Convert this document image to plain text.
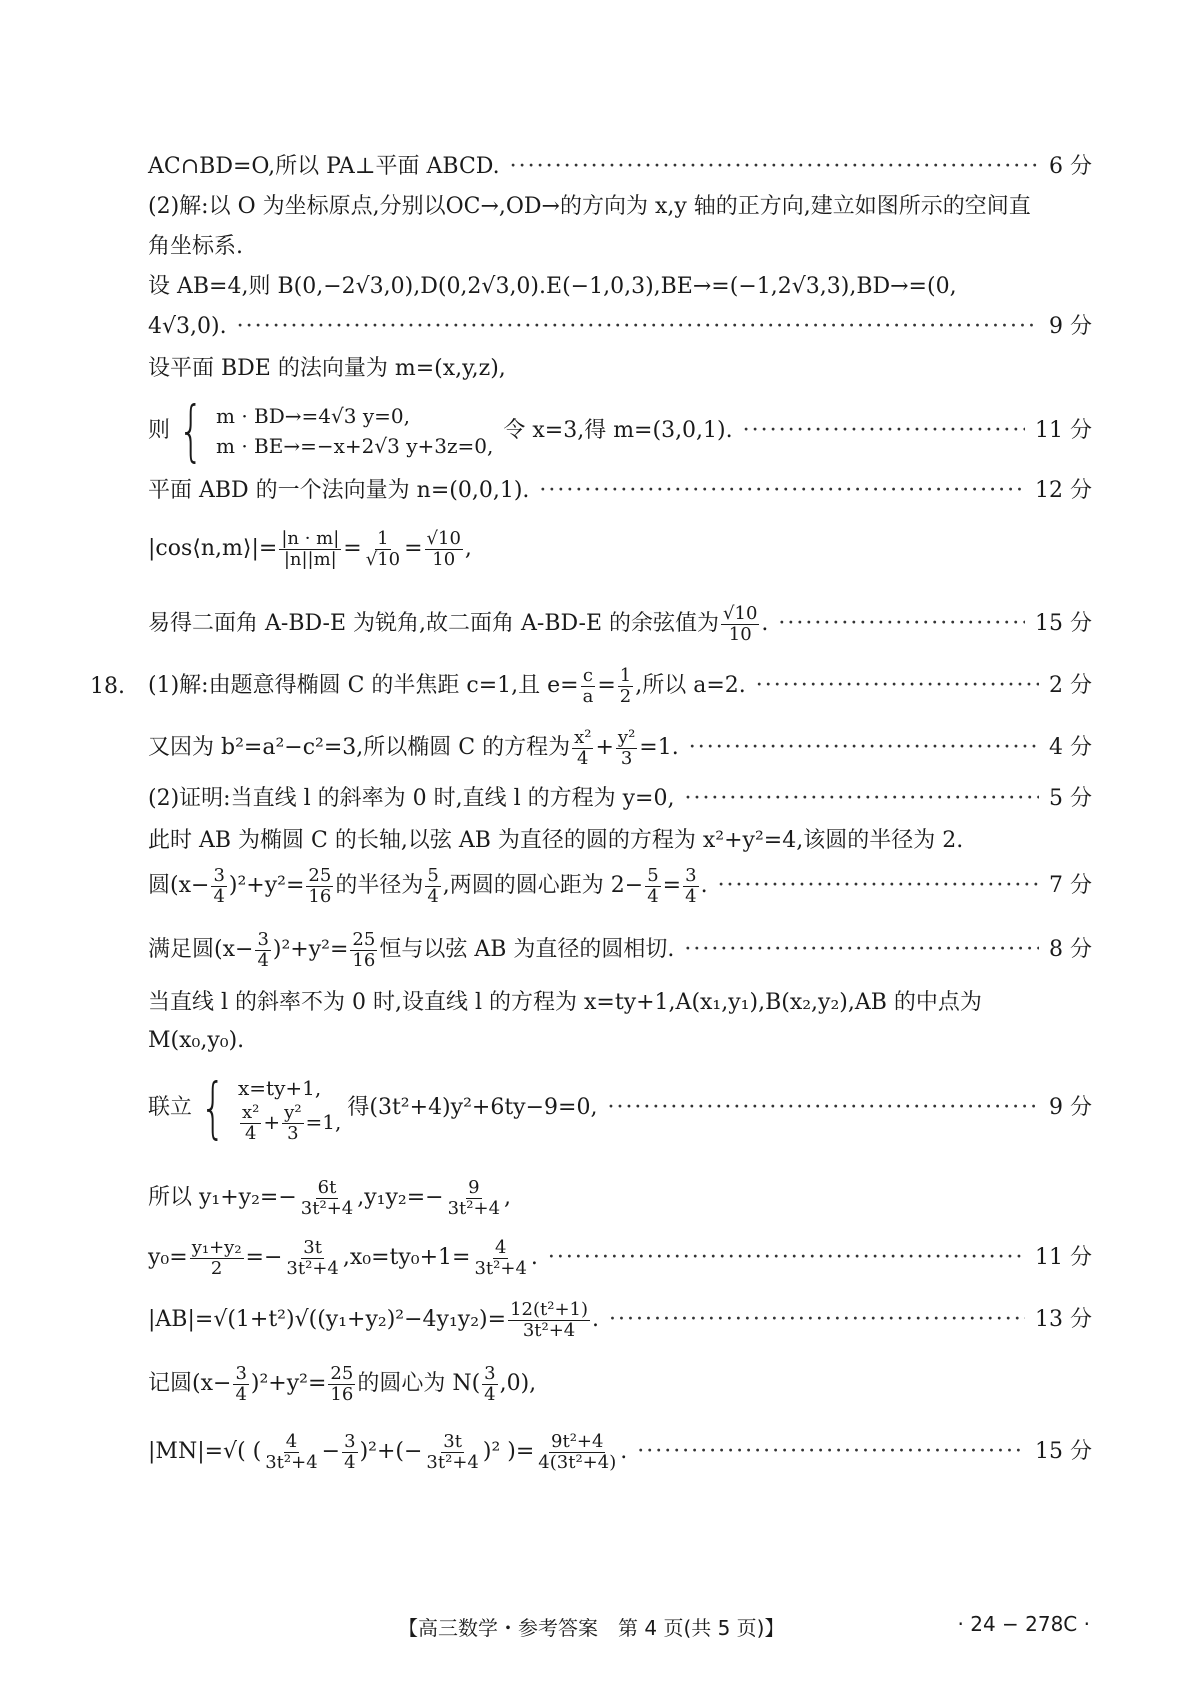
AC∩BD=O,所以 PA⊥平面 ABCD. ·····	6 分
(2)解:以 O 为坐标原点,分别以OC→,OD→的方向为 x,y 轴的正方向,建立如图所示的空间直
角坐标系.
设 AB=4,则 B(0,−2√3,0),D(0,2√3,0).E(−1,0,3),BE→=(−1,2√3,3),BD→=(0,
4√3,0). ·····	9 分
设平面 BDE 的法向量为 m=(x,y,z),
则 { m · BD→=4√3 y=0,
m · BE→=−x+2√3 y+3z=0,
令 x=3,得 m=(3,0,1). ·····	11 分
平面 ABD 的一个法向量为 n=(0,0,1). ·····	12 分
|cos⟨n,m⟩|= $\frac{|n \cdot m|}{|n||m|} = \frac{1}{√10} = \frac{√10}{10}$ ,
易得二面角 A-BD-E 为锐角,故二面角 A-BD-E 的余弦值为 $\frac{√10}{10}$ . ·····	15 分
18. (1)解:由题意得椭圆 C 的半焦距 c=1,且 $e= \frac{c}{a} = \frac{1}{2}$ ,所以 a=2. ·····	2 分
又因为 b²=a²−c²=3,所以椭圆 C 的方程为 $\frac{\text{x²}}{4} + \frac{\text{y²}}{3} =1$. ·····	4 分
(2)证明:当直线 l 的斜率为 0 时,直线 l 的方程为 y=0, ·····	5 分
此时 AB 为椭圆 C 的长轴,以弦 AB 为直径的圆的方程为 x²+y²=4,该圆的半径为 2.
圆$(x- \frac{3}{4} )^2+y^2= \frac{25}{16}$ 的半径为 $\frac{5}{4}$ ,两圆的圆心距为 $2- \frac{5}{4} = \frac{3}{4}$ . ·····	7 分
满足圆$(x- \frac{3}{4} )^2+y^2= \frac{25}{16}$ 恒与以弦 AB 为直径的圆相切. ·····	8 分
当直线 l 的斜率不为 0 时,设直线 l 的方程为 x=ty+1,A(x₁,y₁),B(x₂,y₂),AB 的中点为
M(x₀,y₀).
联立 { x=ty+1,
$\frac{\text{x²}}{4} + \frac{\text{y²}}{3} =1$,
得(3t²+4)y²+6ty−9=0, ·····	9 分
所以 $y_1+y_2=- \frac{6t}{\text{3t²+4}} ,y_1y_2=- \frac{9}{\text{3t²+4}}$ ,
$y_0= \frac{\text{y₁+y₂}}{2} =- \frac{3t}{\text{3t²+4}} ,x_0=ty_0+1= \frac{4}{\text{3t²+4}}$ . ·····	11 分
$|AB|=√(1+t^2)√((y_1+y_2)^2-4y_1y_2)= \frac{\text{12(t²+1)}}{\text{3t²+4}}$ . ·····	13 分
记圆$(x- \frac{3}{4} )^2+y^2= \frac{25}{16}$ 的圆心为 $N( \frac{3}{4} ,0)$,
|MN|= √( ( $\frac{4}{\text{3t²+4}} - \frac{3}{4} )^2+(- \frac{3t}{\text{3t²+4}} )^2$ )= $\frac{\text{9t²+4}}{\text{4(3t²+4)}}$ . ·····	15 分
【高三数学・参考答案　第 4 页(共 5 页)】	· 24 − 278C ·
